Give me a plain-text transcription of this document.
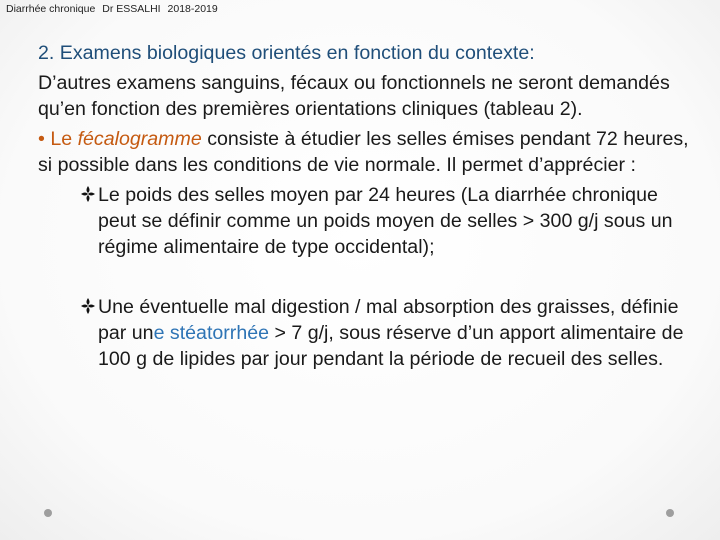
Diarrhée chronique Dr ESSALHI 2018-2019

2. Examens biologiques orientés en fonction du contexte:

D’autres examens sanguins, fécaux ou fonctionnels ne seront demandés qu’en fonction des premières orientations cliniques (tableau 2).

• Le fécalogramme consiste à étudier les selles émises pendant 72 heures, si possible dans les conditions de vie normale. Il permet d’apprécier :

Le poids des selles moyen par 24 heures (La diarrhée chronique peut se définir comme un poids moyen de selles > 300 g/j sous un régime alimentaire de type occidental);
Une éventuelle mal digestion / mal absorption des graisses, définie par une stéatorrhée > 7 g/j, sous réserve d’un apport alimentaire de 100 g de lipides par jour pendant la période de recueil des selles.
